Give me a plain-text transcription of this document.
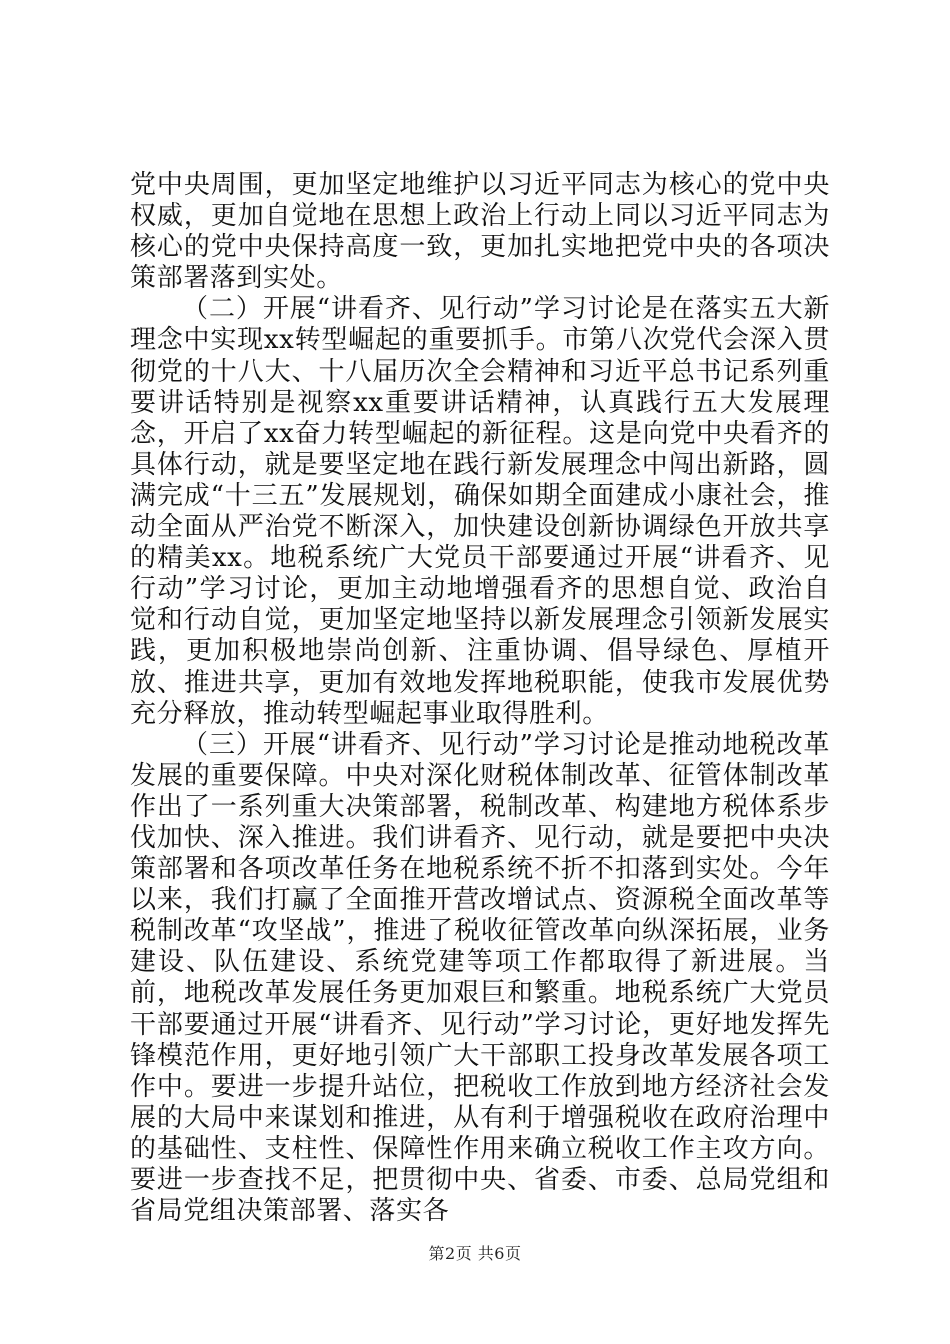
党中央周围，更加坚定地维护以习近平同志为核心的党中央权威，更加自觉地在思想上政治上行动上同以习近平同志为核心的党中央保持高度一致，更加扎实地把党中央的各项决策部署落到实处。

（二）开展“讲看齐、见行动”学习讨论是在落实五大新理念中实现xx转型崛起的重要抓手。市第八次党代会深入贯彻党的十八大、十八届历次全会精神和习近平总书记系列重要讲话特别是视察xx重要讲话精神，认真践行五大发展理念，开启了xx奋力转型崛起的新征程。这是向党中央看齐的具体行动，就是要坚定地在践行新发展理念中闯出新路，圆满完成“十三五”发展规划，确保如期全面建成小康社会，推动全面从严治党不断深入，加快建设创新协调绿色开放共享的精美xx。地税系统广大党员干部要通过开展“讲看齐、见行动”学习讨论，更加主动地增强看齐的思想自觉、政治自觉和行动自觉，更加坚定地坚持以新发展理念引领新发展实践，更加积极地崇尚创新、注重协调、倡导绿色、厚植开放、推进共享，更加有效地发挥地税职能，使我市发展优势充分释放，推动转型崛起事业取得胜利。

（三）开展“讲看齐、见行动”学习讨论是推动地税改革发展的重要保障。中央对深化财税体制改革、征管体制改革作出了一系列重大决策部署，税制改革、构建地方税体系步伐加快、深入推进。我们讲看齐、见行动，就是要把中央决策部署和各项改革任务在地税系统不折不扣落到实处。今年以来，我们打赢了全面推开营改增试点、资源税全面改革等税制改革“攻坚战”，推进了税收征管改革向纵深拓展，业务建设、队伍建设、系统党建等项工作都取得了新进展。当前，地税改革发展任务更加艰巨和繁重。地税系统广大党员干部要通过开展“讲看齐、见行动”学习讨论，更好地发挥先锋模范作用，更好地引领广大干部职工投身改革发展各项工作中。要进一步提升站位，把税收工作放到地方经济社会发展的大局中来谋划和推进，从有利于增强税收在政府治理中的基础性、支柱性、保障性作用来确立税收工作主攻方向。要进一步查找不足，把贯彻中央、省委、市委、总局党组和省局党组决策部署、落实各

第2页 共6页
